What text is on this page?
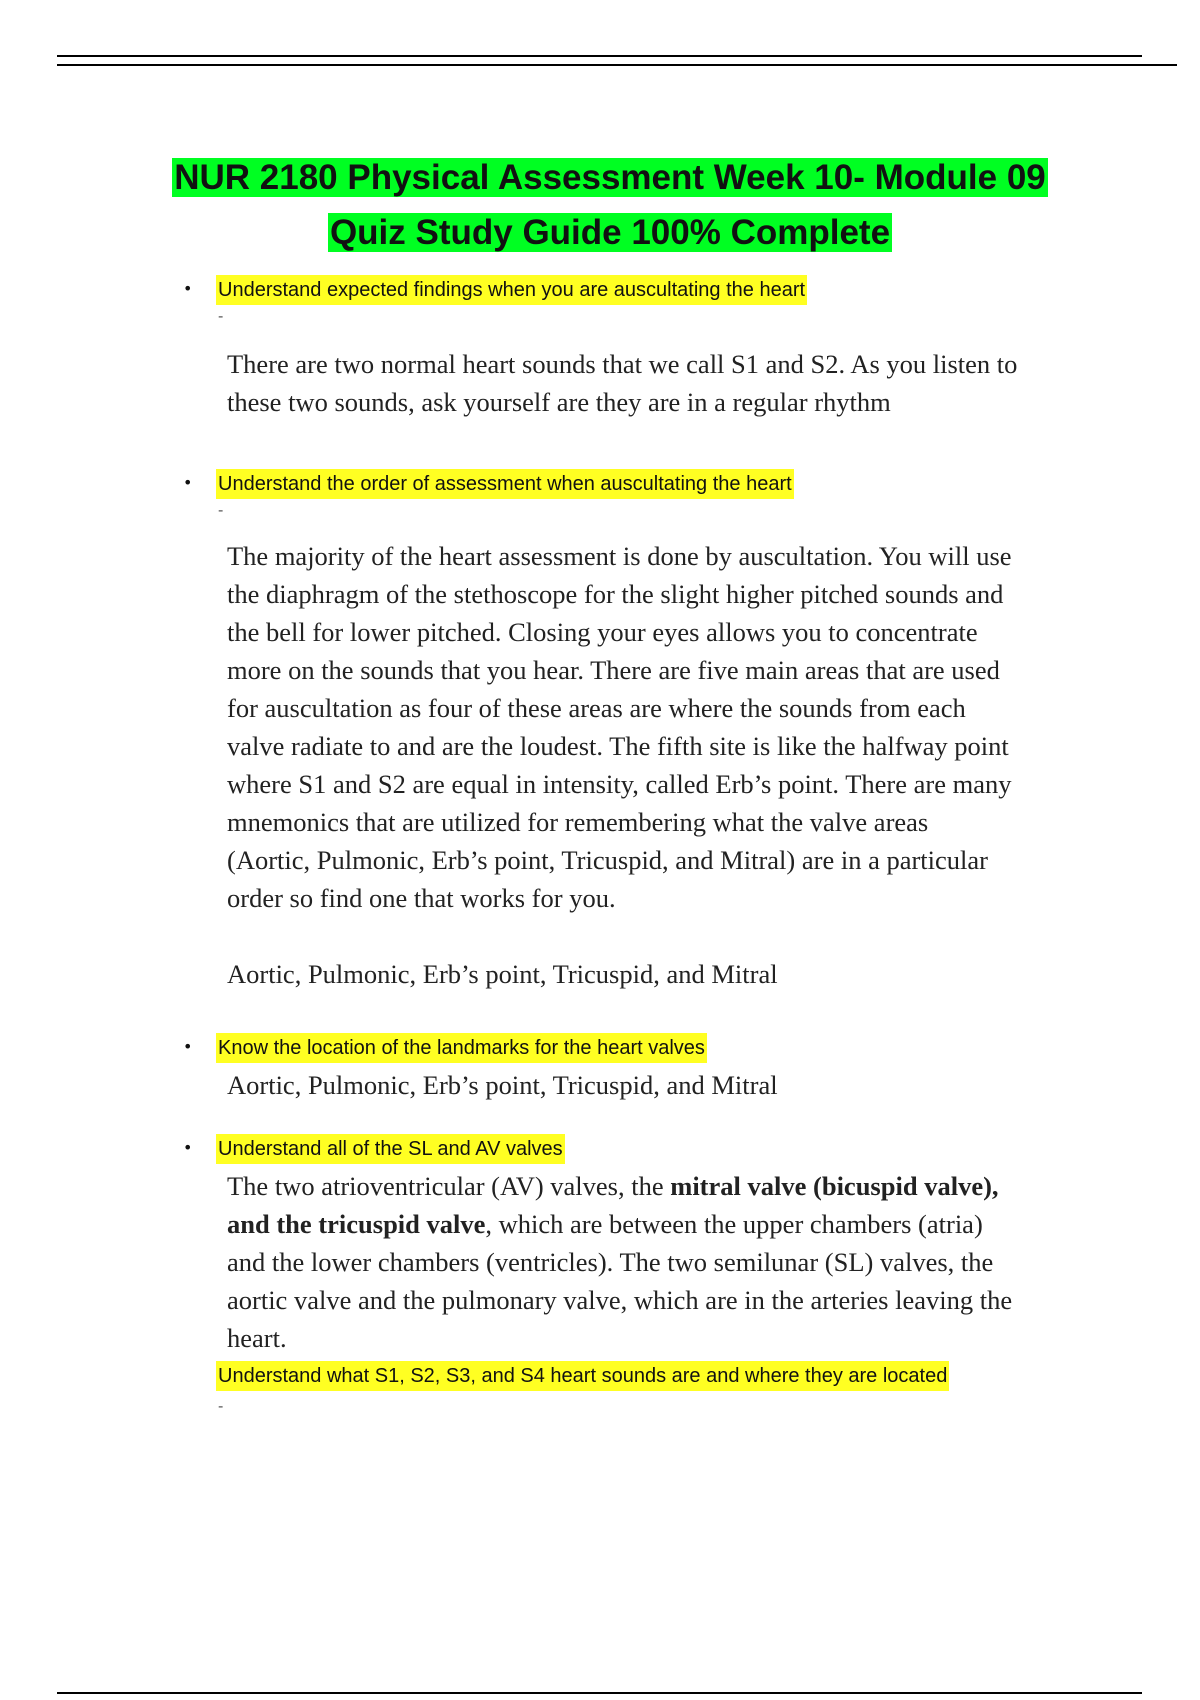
NUR 2180 Physical Assessment Week 10- Module 09
Quiz Study Guide 100% Complete
• Understand expected findings when you are auscultating the heart
-

There are two normal heart sounds that we call S1 and S2. As you listen to
these two sounds, ask yourself are they are in a regular rhythm

• Understand the order of assessment when auscultating the heart
-

The majority of the heart assessment is done by auscultation. You will use
the diaphragm of the stethoscope for the slight higher pitched sounds and
the bell for lower pitched. Closing your eyes allows you to concentrate
more on the sounds that you hear. There are five main areas that are used
for auscultation as four of these areas are where the sounds from each
valve radiate to and are the loudest. The fifth site is like the halfway point
where S1 and S2 are equal in intensity, called Erb’s point. There are many
mnemonics that are utilized for remembering what the valve areas
(Aortic, Pulmonic, Erb’s point, Tricuspid, and Mitral) are in a particular
order so find one that works for you.

Aortic, Pulmonic, Erb’s point, Tricuspid, and Mitral

• Know the location of the landmarks for the heart valves

Aortic, Pulmonic, Erb’s point, Tricuspid, and Mitral

• Understand all of the SL and AV valves

The two atrioventricular (AV) valves, the mitral valve (bicuspid valve),
and the tricuspid valve, which are between the upper chambers (atria)
and the lower chambers (ventricles). The two semilunar (SL) valves, the
aortic valve and the pulmonary valve, which are in the arteries leaving the
heart.

Understand what S1, S2, S3, and S4 heart sounds are and where they are located
-
